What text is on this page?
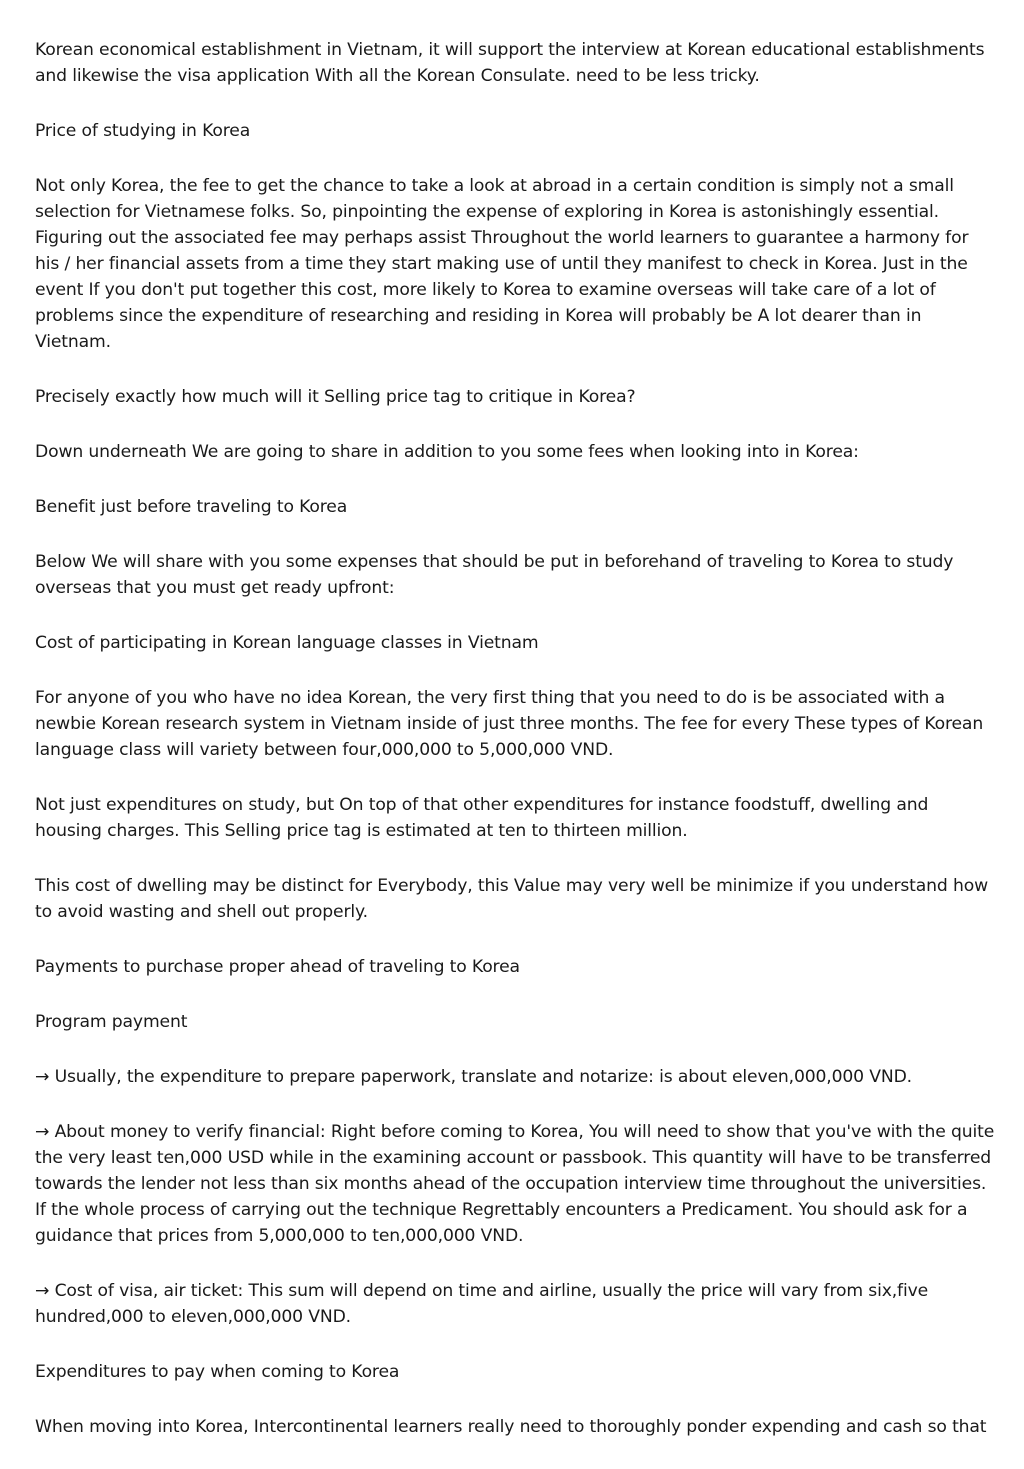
Korean economical establishment in Vietnam, it will support the interview at Korean educational establishments and likewise the visa application With all the Korean Consulate. need to be less tricky.

Price of studying in Korea

Not only Korea, the fee to get the chance to take a look at abroad in a certain condition is simply not a small selection for Vietnamese folks. So, pinpointing the expense of exploring in Korea is astonishingly essential. Figuring out the associated fee may perhaps assist Throughout the world learners to guarantee a harmony for his / her financial assets from a time they start making use of until they manifest to check in Korea. Just in the event If you don't put together this cost, more likely to Korea to examine overseas will take care of a lot of problems since the expenditure of researching and residing in Korea will probably be A lot dearer than in Vietnam.

Precisely exactly how much will it Selling price tag to critique in Korea?

Down underneath We are going to share in addition to you some fees when looking into in Korea:

Benefit just before traveling to Korea

Below We will share with you some expenses that should be put in beforehand of traveling to Korea to study overseas that you must get ready upfront:

Cost of participating in Korean language classes in Vietnam

For anyone of you who have no idea Korean, the very first thing that you need to do is be associated with a newbie Korean research system in Vietnam inside of just three months. The fee for every These types of Korean language class will variety between four,000,000 to 5,000,000 VND.

Not just expenditures on study, but On top of that other expenditures for instance foodstuff, dwelling and housing charges. This Selling price tag is estimated at ten to thirteen million.

This cost of dwelling may be distinct for Everybody, this Value may very well be minimize if you understand how to avoid wasting and shell out properly.

Payments to purchase proper ahead of traveling to Korea

Program payment

→ Usually, the expenditure to prepare paperwork, translate and notarize: is about eleven,000,000 VND.

→ About money to verify financial: Right before coming to Korea, You will need to show that you've with the quite the very least ten,000 USD while in the examining account or passbook. This quantity will have to be transferred towards the lender not less than six months ahead of the occupation interview time throughout the universities. If the whole process of carrying out the technique Regrettably encounters a Predicament. You should ask for a guidance that prices from 5,000,000 to ten,000,000 VND.

→ Cost of visa, air ticket: This sum will depend on time and airline, usually the price will vary from six,five hundred,000 to eleven,000,000 VND.

Expenditures to pay when coming to Korea

When moving into Korea, Intercontinental learners really need to thoroughly ponder expending and cash so that
